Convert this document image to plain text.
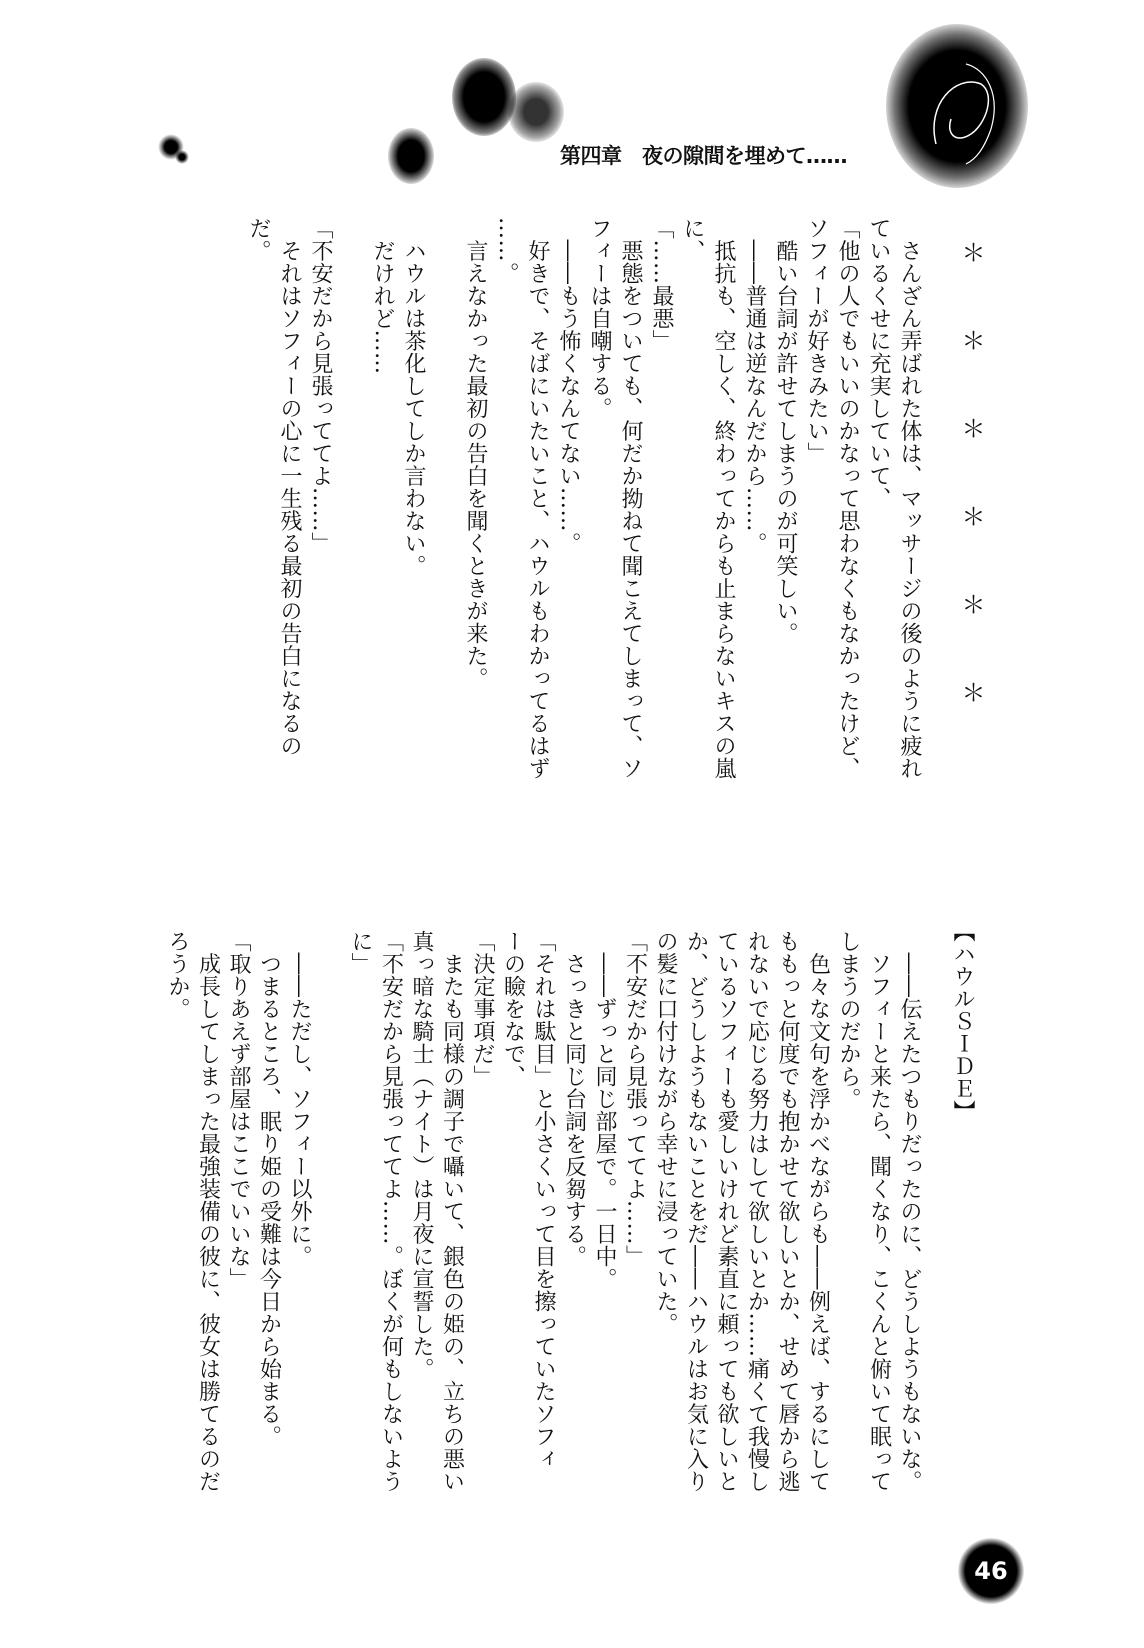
第四章　夜の隙間を埋めて……
＊＊＊＊＊＊
【ハウルＳＩＤＥ】
　さんざん弄ばれた体は、マッサージの後のように疲れ
ているくせに充実していて、
「他の人でもいいのかなって思わなくもなかったけど、
ソフィーが好きみたい」
　酷い台詞が許せてしまうのが可笑しい。
　――普通は逆なんだから……。
　抵抗も、空しく、終わってからも止まらないキスの嵐
に、
「……最悪」
　悪態をついても、何だか拗ねて聞こえてしまって、ソ
フィーは自嘲する。
　――もう怖くなんてない……。
　好きで、そばにいたいこと、ハウルもわかってるはず
……。
　言えなかった最初の告白を聞くときが来た。
　ハウルは茶化してしか言わない。
　だけれど……
「不安だから見張っててよ……」
　それはソフィーの心に一生残る最初の告白になるの
だ。
　――伝えたつもりだったのに、どうしようもないな。
　ソフィーと来たら、聞くなり、こくんと俯いて眠って
しまうのだから。
　色々な文句を浮かべながらも――例えば、するにして
ももっと何度でも抱かせて欲しいとか、せめて唇から逃
れないで応じる努力はして欲しいとか……痛くて我慢し
ているソフィーも愛しいけれど素直に頼っても欲しいと
か、どうしようもないことをだ――ハウルはお気に入り
の髪に口付けながら幸せに浸っていた。
「不安だから見張っててよ……」
　――ずっと同じ部屋で。一日中。
　さっきと同じ台詞を反芻する。
「それは駄目」と小さくいって目を擦っていたソフィ
ーの瞼をなで、
「決定事項だ」
　またも同様の調子で囁いて、銀色の姫の、立ちの悪い
真っ暗な騎士（ナイト）は月夜に宣誓した。
「不安だから見張っててよ……。ぼくが何もしないよう
に」
　――ただし、ソフィー以外に。
　つまるところ、眠り姫の受難は今日から始まる。
「取りあえず部屋はここでいいな」
　成長してしまった最強装備の彼に、彼女は勝てるのだ
ろうか。
46
